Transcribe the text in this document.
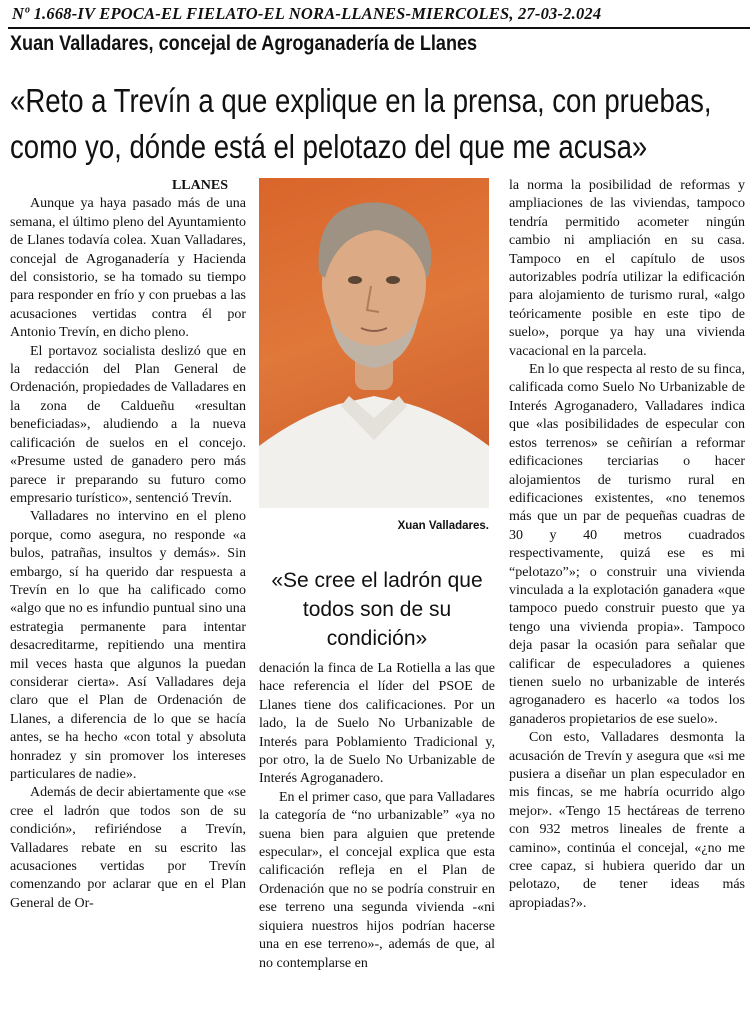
Nº 1.668-IV EPOCA-EL FIELATO-EL NORA-LLANES-MIERCOLES, 27-03-2.024
Xuan Valladares, concejal de Agroganadería de Llanes
«Reto a Trevín a que explique en la prensa, con pruebas,
como yo, dónde está el pelotazo del que me acusa»

LLANES

Aunque ya haya pasado más de una semana, el último pleno del Ayuntamiento de Llanes todavía colea. Xuan Valladares, concejal de Agroganadería y Hacienda del consistorio, se ha tomado su tiempo para responder en frío y con pruebas a las acusaciones vertidas contra él por Antonio Trevín, en dicho pleno.

El portavoz socialista deslizó que en la redacción del Plan General de Ordenación, propiedades de Valladares en la zona de Caldueñu «resultan beneficiadas», aludiendo a la nueva calificación de suelos en el concejo. «Presume usted de ganadero pero más parece ir preparando su futuro como empresario turístico», sentenció Trevín.

Valladares no intervino en el pleno porque, como asegura, no responde «a bulos, patrañas, insultos y demás». Sin embargo, sí ha querido dar respuesta a Trevín en lo que ha calificado como «algo que no es infundio puntual sino una estrategia permanente para intentar desacreditarme, repitiendo una mentira mil veces hasta que algunos la puedan considerar cierta». Así Valladares deja claro que el Plan de Ordenación de Llanes, a diferencia de lo que se hacía antes, se ha hecho «con total y absoluta honradez y sin promover los intereses particulares de nadie».

Además de decir abiertamente que «se cree el ladrón que todos son de su condición», refiriéndose a Trevín, Valladares rebate en su escrito las acusaciones vertidas por Trevín comenzando por aclarar que en el Plan General de Or-

Xuan Valladares.
«Se cree el ladrón que
todos son de su
condición»

denación la finca de La Rotiella a las que hace referencia el líder del PSOE de Llanes tiene dos calificaciones. Por un lado, la de Suelo No Urbanizable de Interés para Poblamiento Tradicional y, por otro, la de Suelo No Urbanizable de Interés Agroganadero.

En el primer caso, que para Valladares la categoría de “no urbanizable” «ya no suena bien para alguien que pretende especular», el concejal explica que esta calificación refleja en el Plan de Ordenación que no se podría construir en ese terreno una segunda vivienda -«ni siquiera nuestros hijos podrían hacerse una en ese terreno»-, además de que, al no contemplarse en

la norma la posibilidad de reformas y ampliaciones de las viviendas, tampoco tendría permitido acometer ningún cambio ni ampliación en su casa. Tampoco en el capítulo de usos autorizables podría utilizar la edificación para alojamiento de turismo rural, «algo teóricamente posible en este tipo de suelo», porque ya hay una vivienda vacacional en la parcela.

En lo que respecta al resto de su finca, calificada como Suelo No Urbanizable de Interés Agroganadero, Valladares indica que «las posibilidades de especular con estos terrenos» se ceñirían a reformar edificaciones terciarias o hacer alojamientos de turismo rural en edificaciones existentes, «no tenemos más que un par de pequeñas cuadras de 30 y 40 metros cuadrados respectivamente, quizá ese es mi “pelotazo”»; o construir una vivienda vinculada a la explotación ganadera «que tampoco puedo construir puesto que ya tengo una vivienda propia». Tampoco deja pasar la ocasión para señalar que calificar de especuladores a quienes tienen suelo no urbanizable de interés agroganadero es hacerlo «a todos los ganaderos propietarios de ese suelo».

Con esto, Valladares desmonta la acusación de Trevín y asegura que «si me pusiera a diseñar un plan especulador en mis fincas, se me habría ocurrido algo mejor». «Tengo 15 hectáreas de terreno con 932 metros lineales de frente a camino», continúa el concejal, «¿no me cree capaz, si hubiera querido dar un pelotazo, de tener ideas más apropiadas?».
